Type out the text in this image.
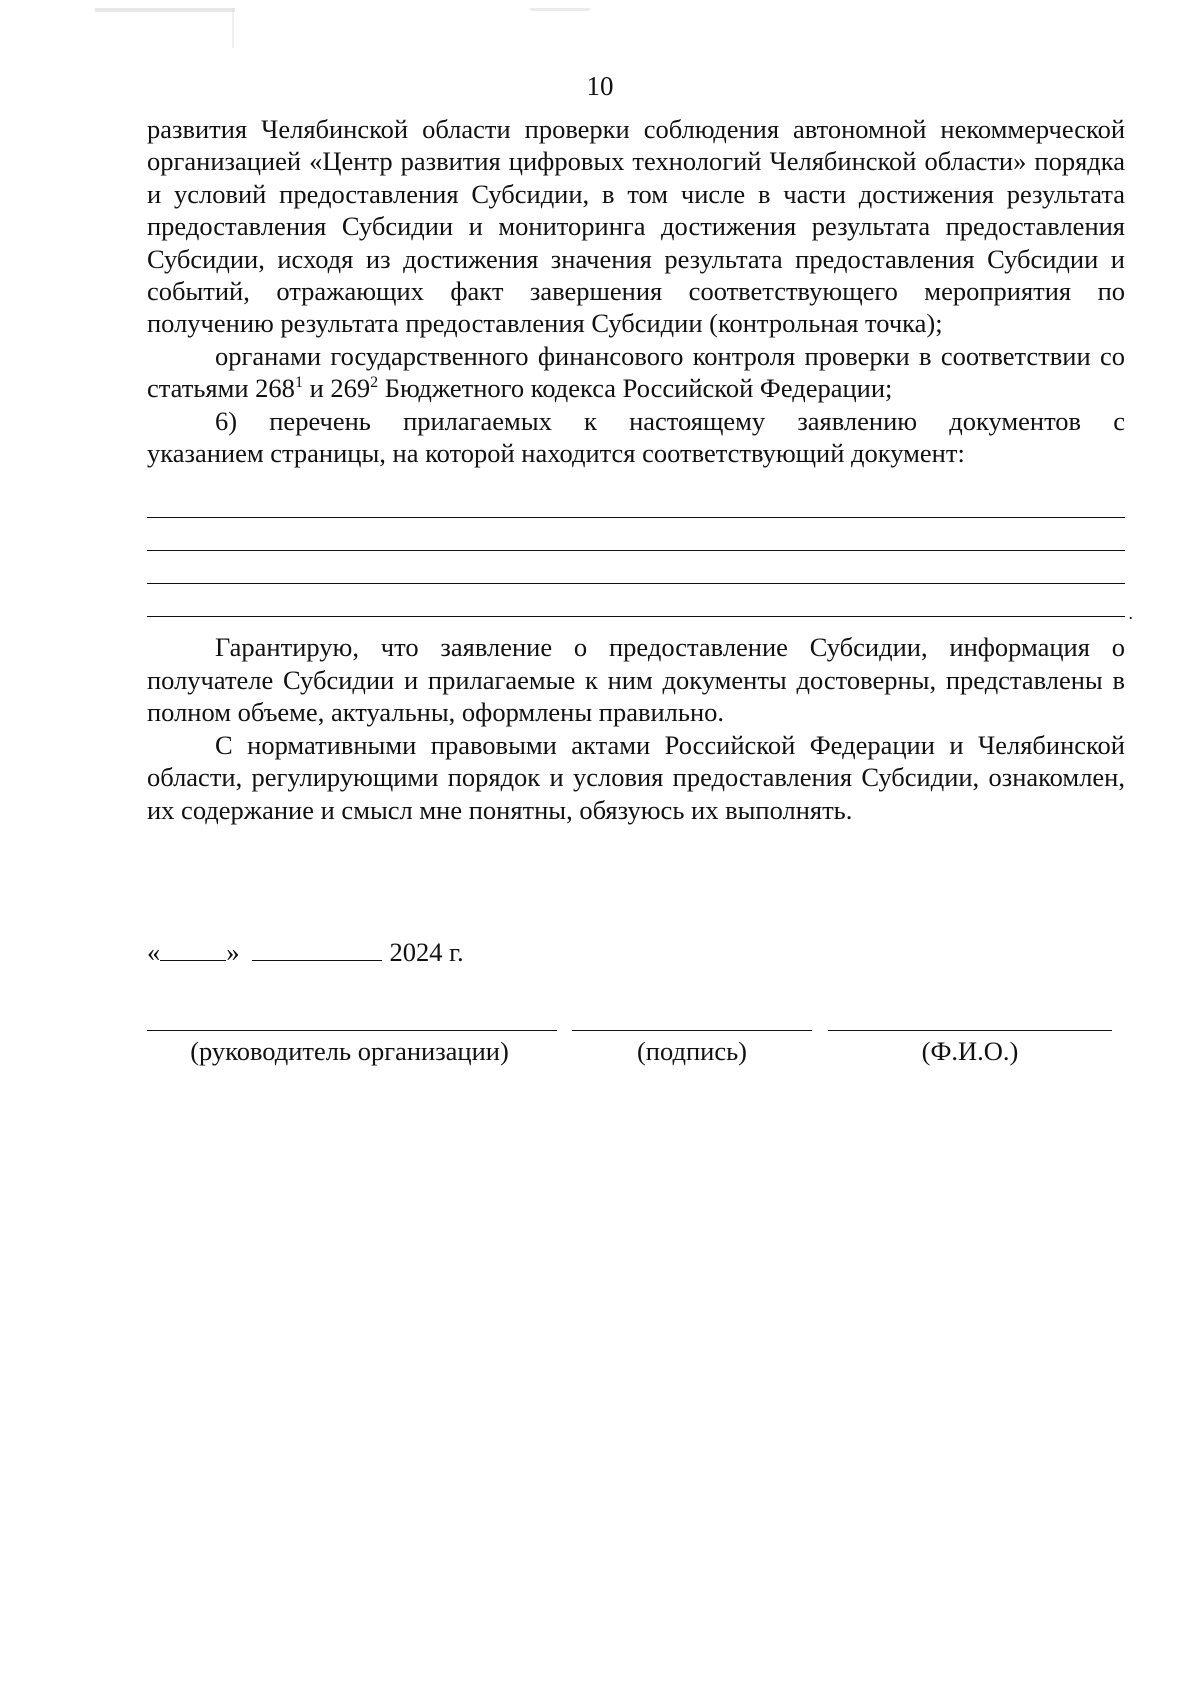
10

развития Челябинской области проверки соблюдения автономной некоммерческой организацией «Центр развития цифровых технологий Челябинской области» порядка и условий предоставления Субсидии, в том числе в части достижения результата предоставления Субсидии и мониторинга достижения результата предоставления Субсидии, исходя из достижения значения результата предоставления Субсидии и событий, отражающих факт завершения соответствующего мероприятия по получению результата предоставления Субсидии (контрольная точка);

органами государственного финансового контроля проверки в соответствии со статьями $268^1$ и $269^2$ Бюджетного кодекса Российской Федерации;

6) перечень прилагаемых к настоящему заявлению документов с

указанием страницы, на которой находится соответствующий документ:

.

Гарантирую, что заявление о предоставление Субсидии, информация о получателе Субсидии и прилагаемые к ним документы достоверны, представлены в полном объеме, актуальны, оформлены правильно.

С нормативными правовыми актами Российской Федерации и Челябинской области, регулирующими порядок и условия предоставления Субсидии, ознакомлен, их содержание и смысл мне понятны, обязуюсь их выполнять.

« »	2024 г.
(руководитель организации)	(подпись)	(Ф.И.О.)
